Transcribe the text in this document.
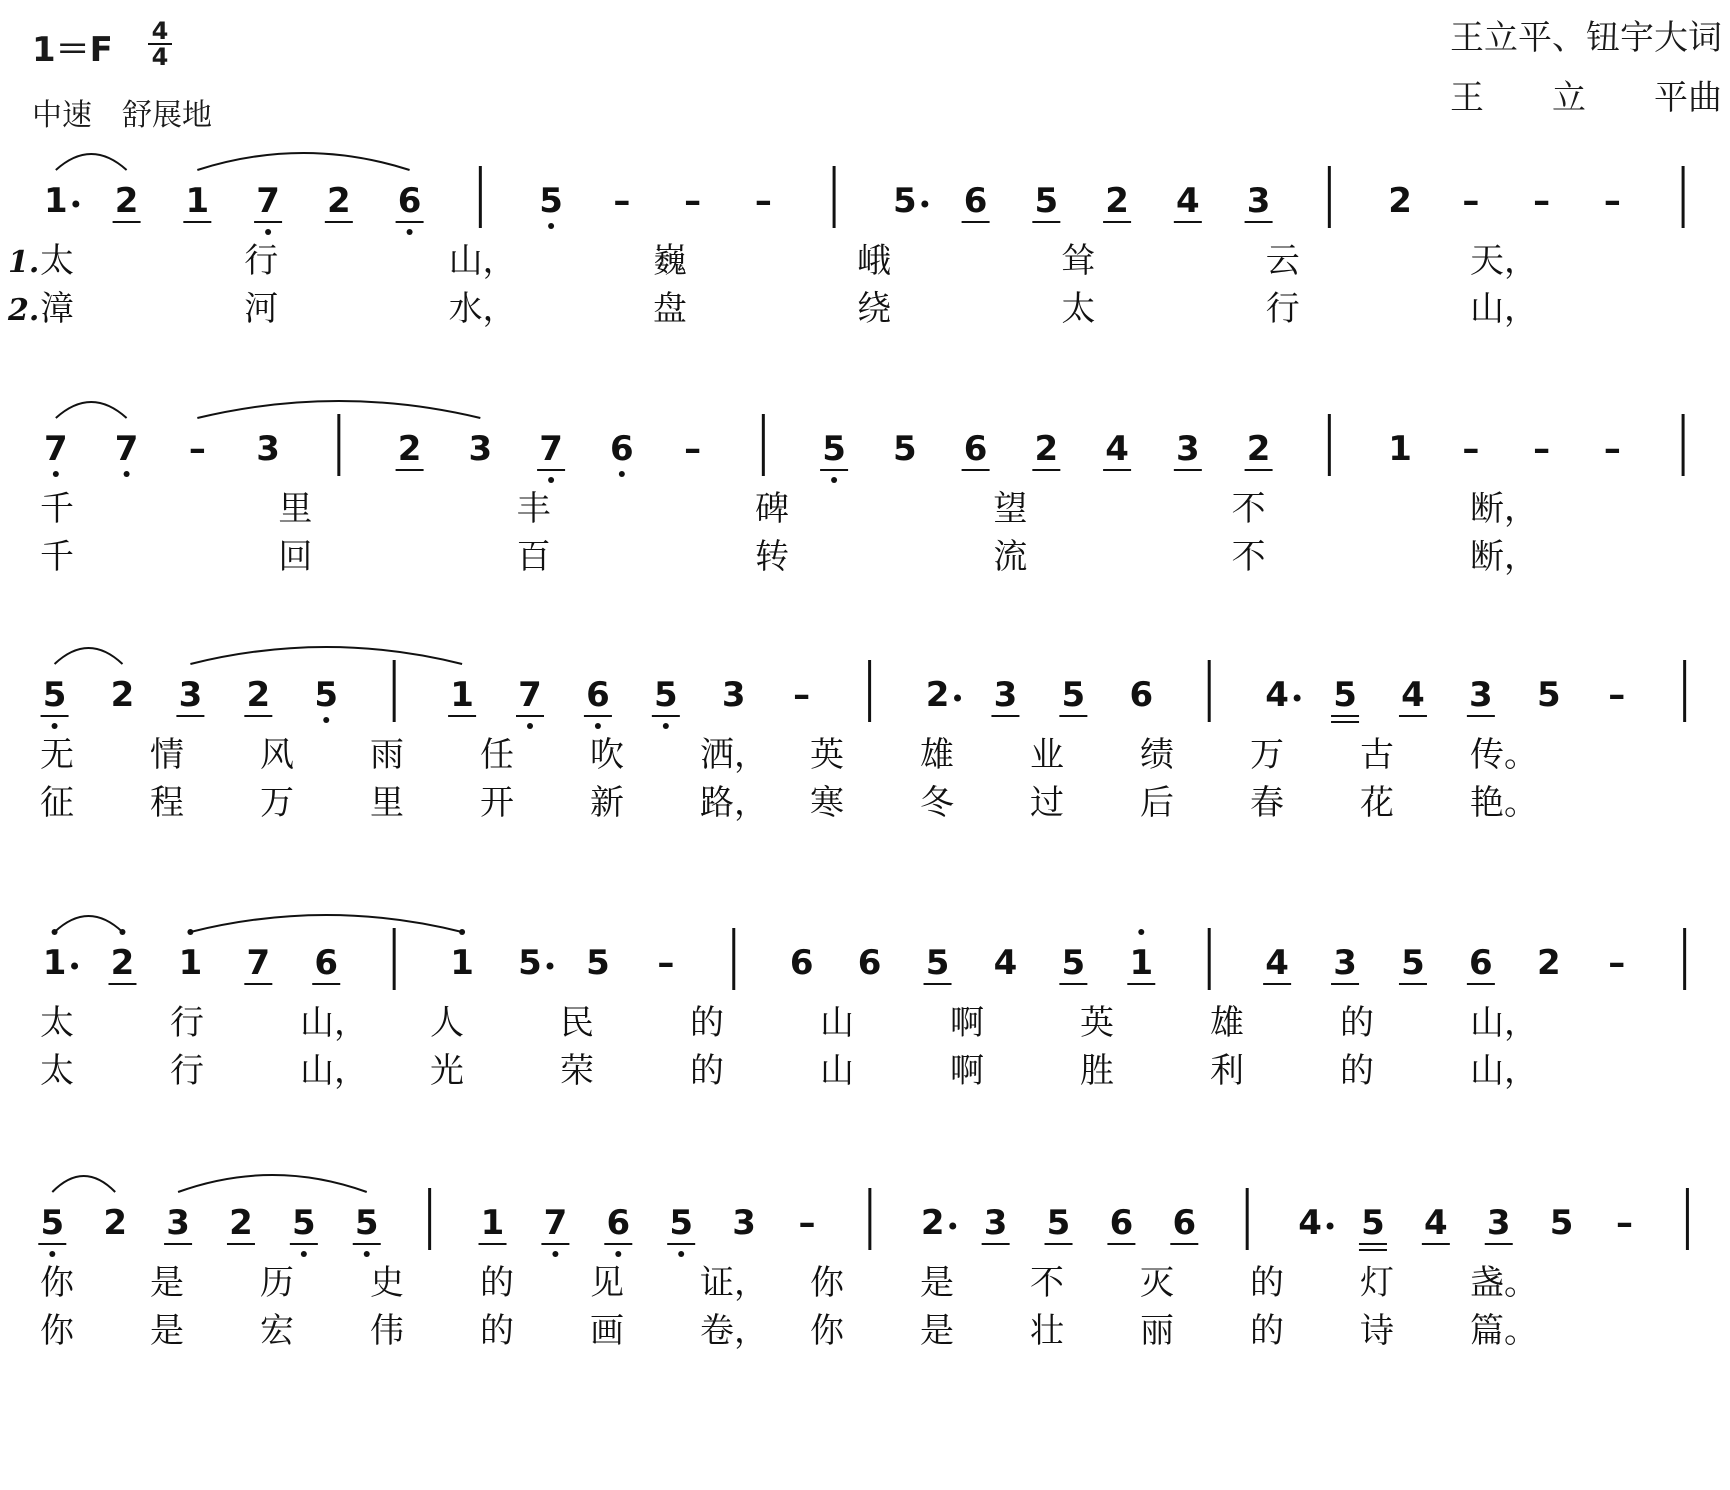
1＝F 4
4
中速　舒展地
王立平、钮宇大词
王　　立　　平曲
1 2 1 7 2 6	5 – – –	5 6 5 2 4 3	2 – – –
太	行	山，	巍	峨	耸	云	天，
漳	河	水，	盘	绕	太	行	山，
1.
2.
7 7 – 3	2 3 7 6 –	5 5 6 2 4 3 2	1 – – –
千	里	丰	碑	望	不	断，
千	回	百	转	流	不	断，
5 2 3 2 5	1 7 6 5 3 –	2 3 5 6	4 5 4 3 5 –
无 情 风 雨 任 吹 洒， 英 雄 业 绩 万 古 传。
征 程 万 里 开 新 路， 寒 冬 过 后 春 花 艳。
1 2 1 7 6	1 5 5 –	6 6 5 4 5 1	4 3 5 6 2 –
太	行	山， 人	民	的	山	啊	英	雄	的	山，
太	行	山， 光	荣	的	山	啊	胜	利	的	山，
5 2 3 2 5 5	1 7 6 5 3 –	2 3 5 6 6	4 5 4 3 5 –
你 是 历 史 的 见 证， 你 是 不 灭 的 灯 盏。
你 是 宏 伟 的 画 卷， 你 是 壮 丽 的 诗 篇。
